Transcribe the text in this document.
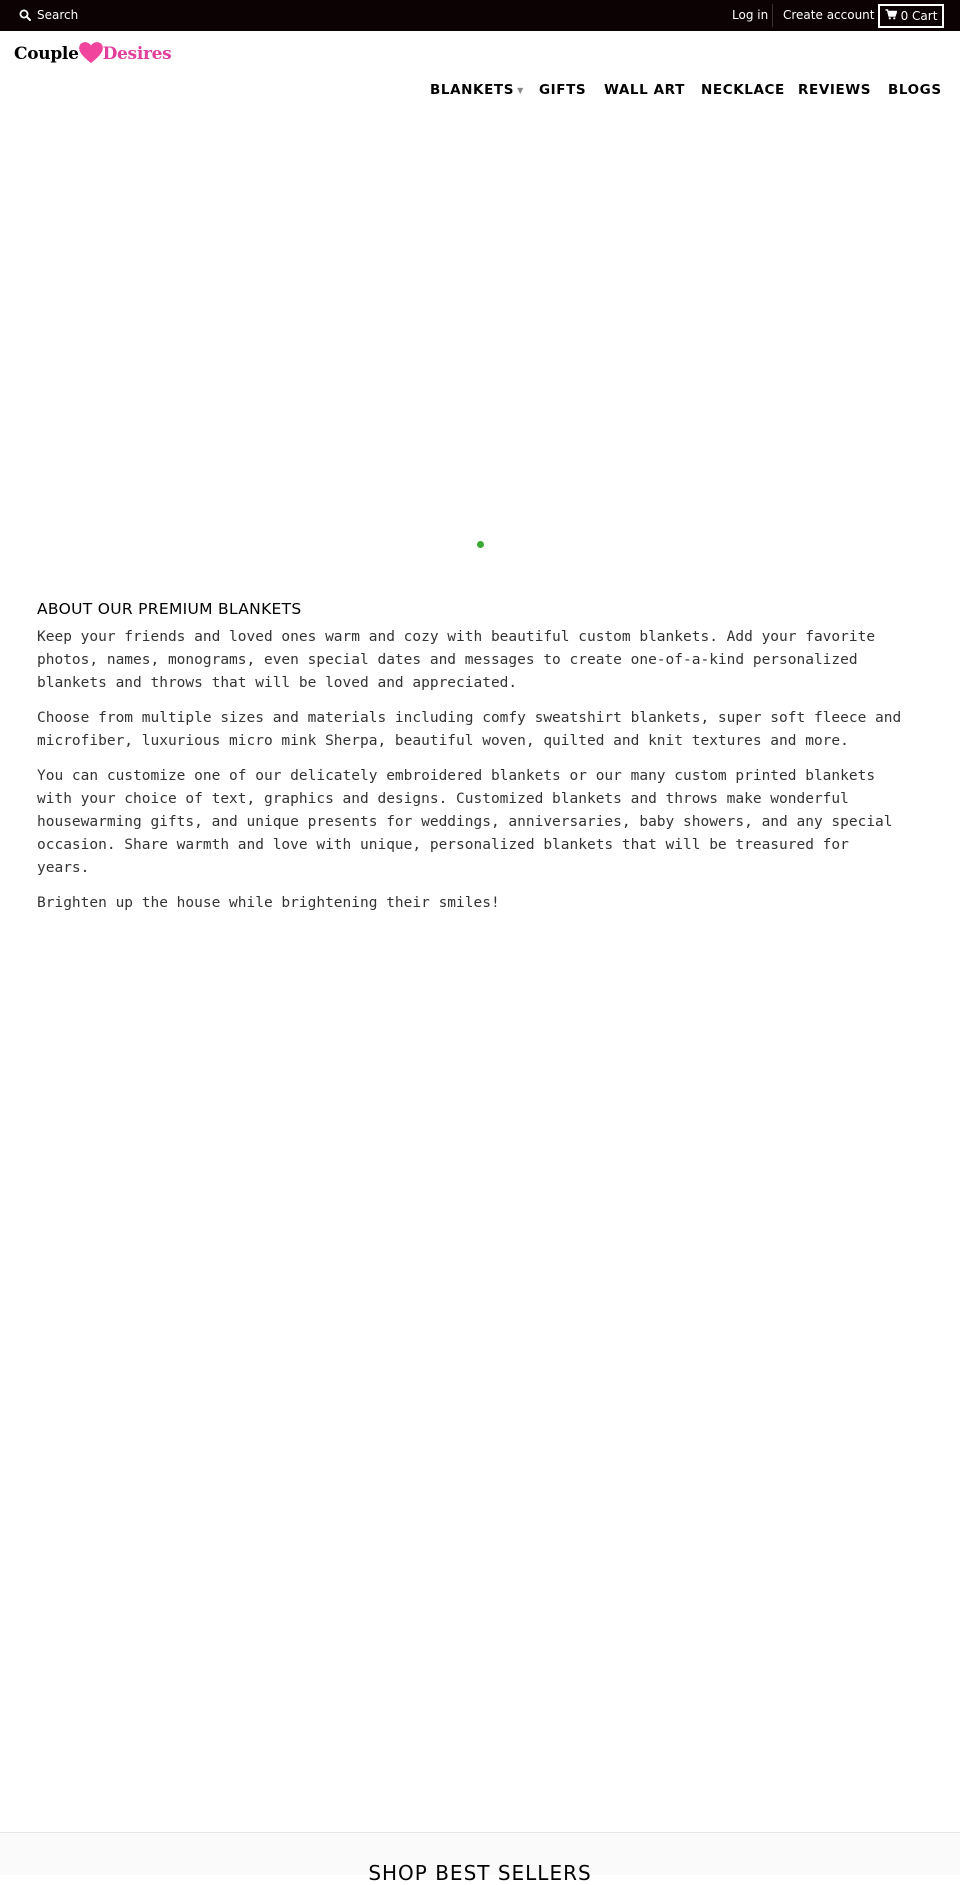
Search	Log in Create account 0 Cart
Couple Desires
BLANKETS ▼ GIFTS WALL ART NECKLACE REVIEWS BLOGS
ABOUT OUR PREMIUM BLANKETS

Keep your friends and loved ones warm and cozy with beautiful custom blankets. Add your favorite photos, names, monograms, even special dates and messages to create one-of-a-kind personalized blankets and throws that will be loved and appreciated.

Choose from multiple sizes and materials including comfy sweatshirt blankets, super soft fleece and microfiber, luxurious micro mink Sherpa, beautiful woven, quilted and knit textures and more.

You can customize one of our delicately embroidered blankets or our many custom printed blankets with your choice of text, graphics and designs. Customized blankets and throws make wonderful housewarming gifts, and unique presents for weddings, anniversaries, baby showers, and any special occasion. Share warmth and love with unique, personalized blankets that will be treasured for years.

Brighten up the house while brightening their smiles!

SHOP BEST SELLERS
